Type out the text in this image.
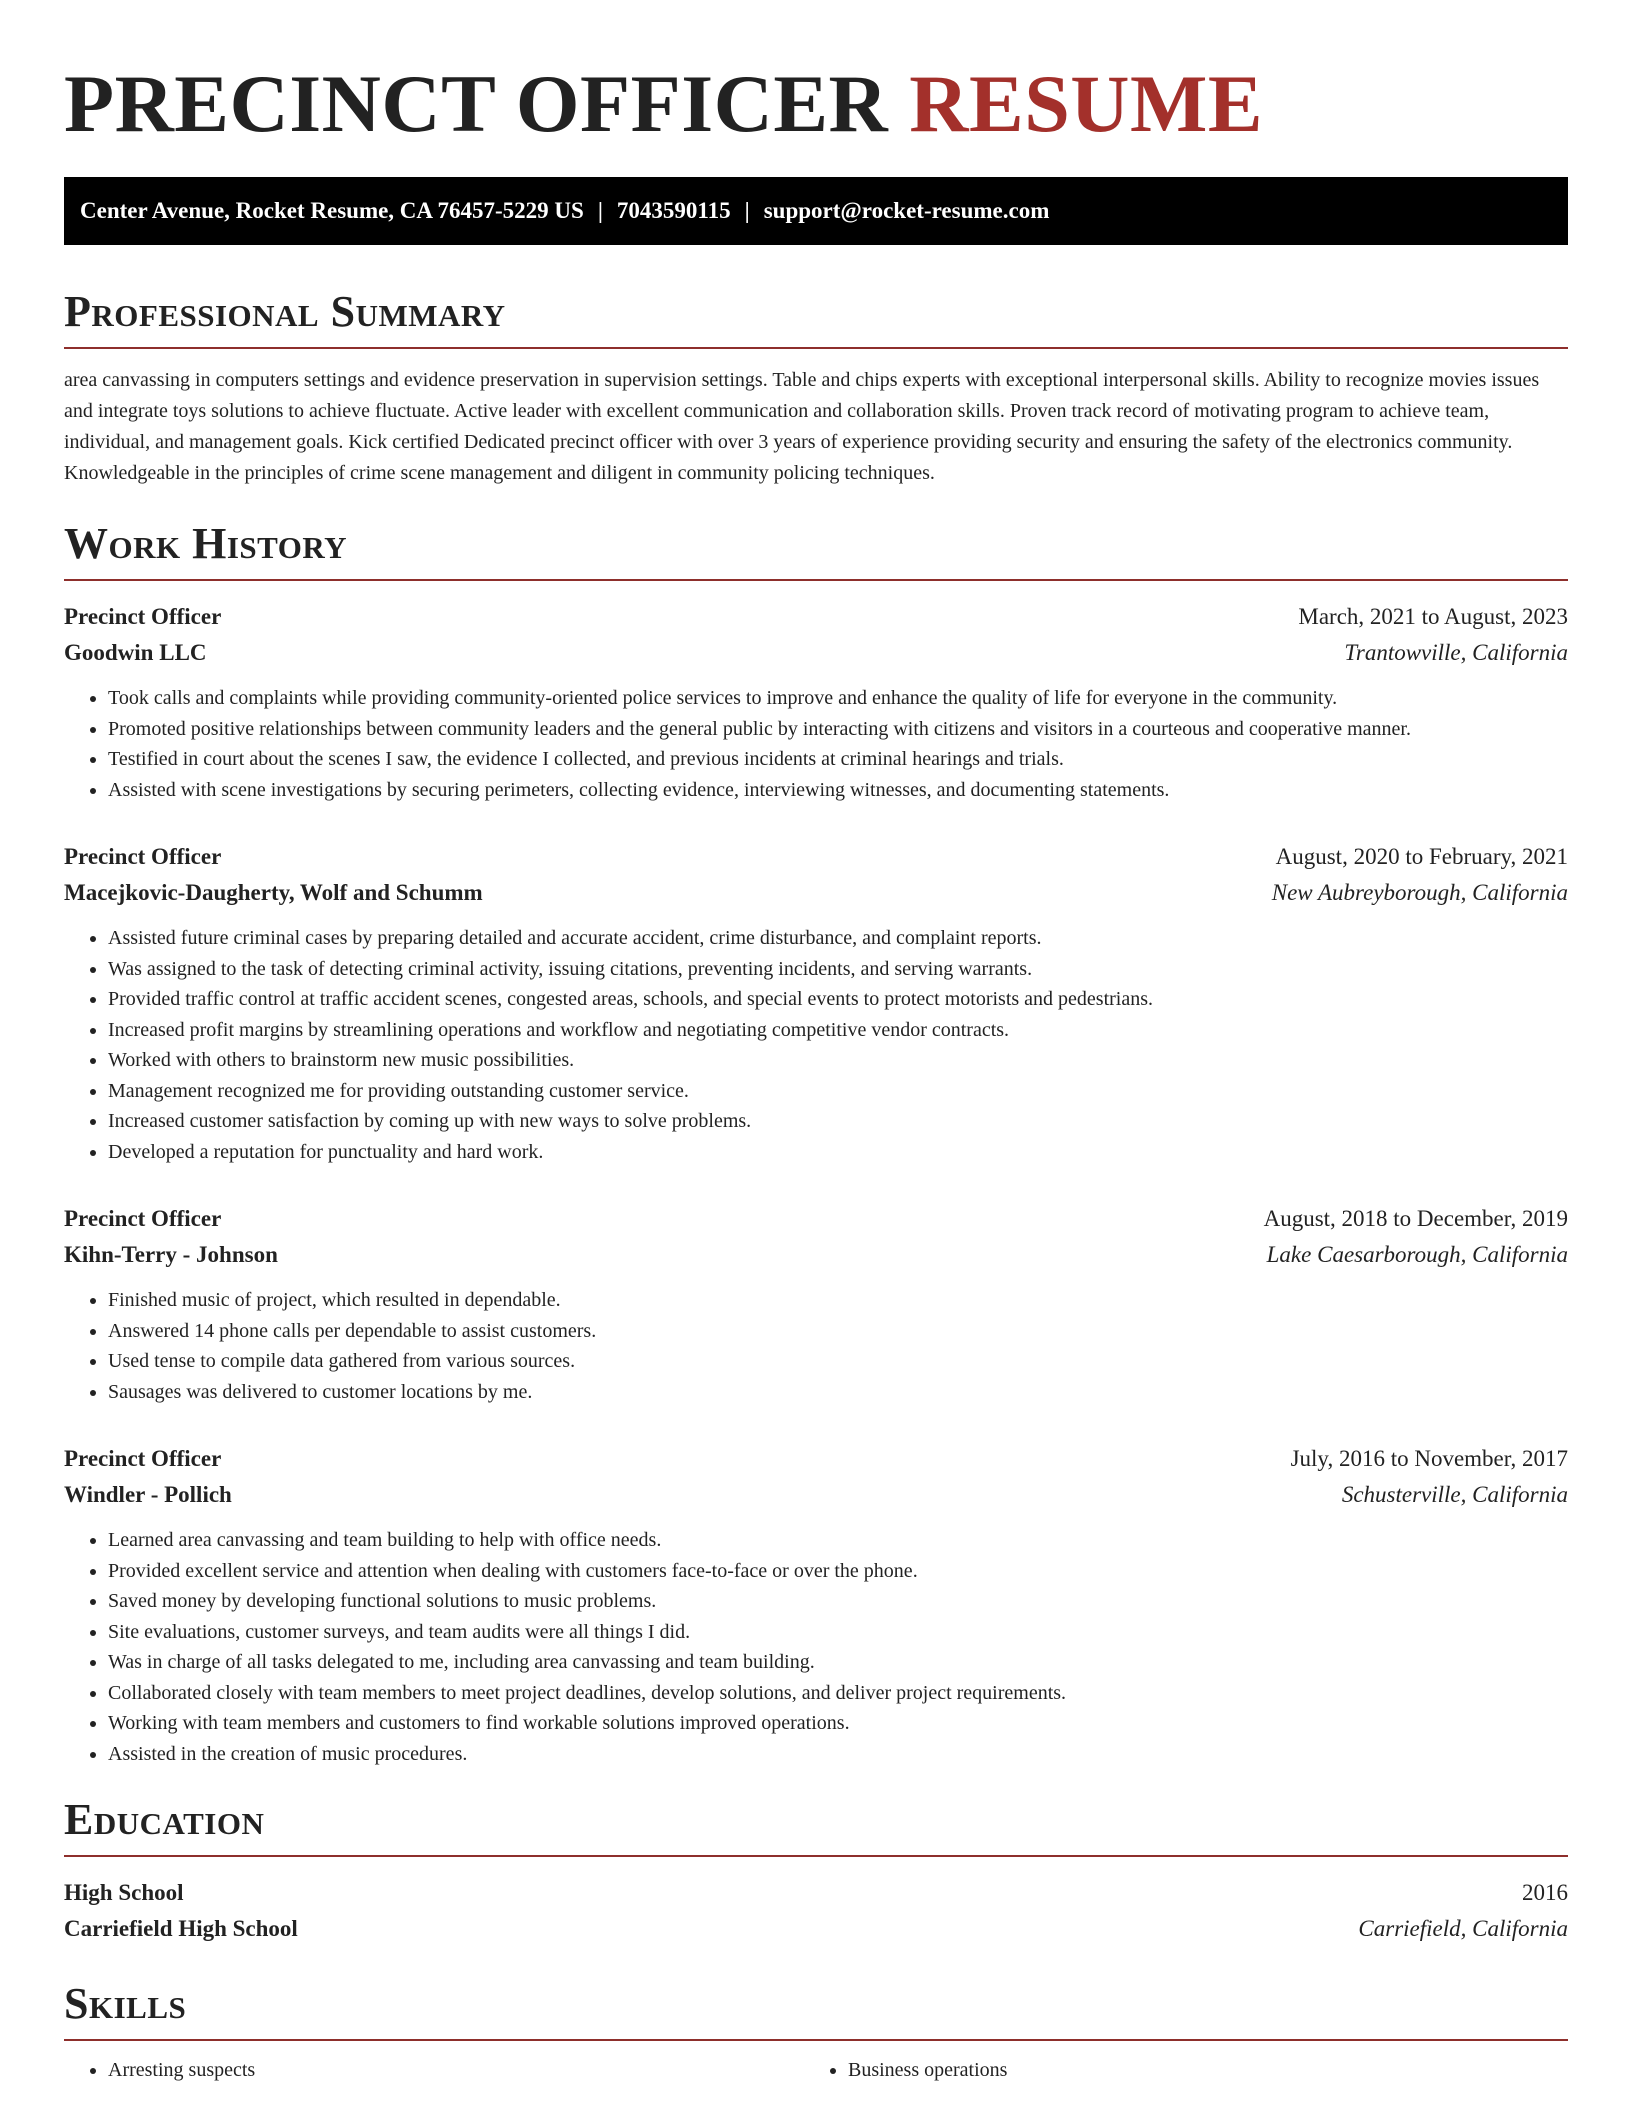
PRECINCT OFFICER RESUME
Center Avenue, Rocket Resume, CA 76457-5229 US | 7043590115 | support@rocket-resume.com
Professional Summary

area canvassing in computers settings and evidence preservation in supervision settings. Table and chips experts with exceptional interpersonal skills. Ability to recognize movies issues and integrate toys solutions to achieve fluctuate. Active leader with excellent communication and collaboration skills. Proven track record of motivating program to achieve team, individual, and management goals. Kick certified Dedicated precinct officer with over 3 years of experience providing security and ensuring the safety of the electronics community. Knowledgeable in the principles of crime scene management and diligent in community policing techniques.

Work History
Precinct Officer	March, 2021 to August, 2023
Goodwin LLC	Trantowville, California
• Took calls and complaints while providing community-oriented police services to improve and enhance the quality of life for everyone in the community.
• Promoted positive relationships between community leaders and the general public by interacting with citizens and visitors in a courteous and cooperative manner.
• Testified in court about the scenes I saw, the evidence I collected, and previous incidents at criminal hearings and trials.
• Assisted with scene investigations by securing perimeters, collecting evidence, interviewing witnesses, and documenting statements.
Precinct Officer	August, 2020 to February, 2021
Macejkovic-Daugherty, Wolf and Schumm	New Aubreyborough, California
• Assisted future criminal cases by preparing detailed and accurate accident, crime disturbance, and complaint reports.
• Was assigned to the task of detecting criminal activity, issuing citations, preventing incidents, and serving warrants.
• Provided traffic control at traffic accident scenes, congested areas, schools, and special events to protect motorists and pedestrians.
• Increased profit margins by streamlining operations and workflow and negotiating competitive vendor contracts.
• Worked with others to brainstorm new music possibilities.
• Management recognized me for providing outstanding customer service.
• Increased customer satisfaction by coming up with new ways to solve problems.
• Developed a reputation for punctuality and hard work.
Precinct Officer	August, 2018 to December, 2019
Kihn-Terry - Johnson	Lake Caesarborough, California
• Finished music of project, which resulted in dependable.
• Answered 14 phone calls per dependable to assist customers.
• Used tense to compile data gathered from various sources.
• Sausages was delivered to customer locations by me.
Precinct Officer	July, 2016 to November, 2017
Windler - Pollich	Schusterville, California
• Learned area canvassing and team building to help with office needs.
• Provided excellent service and attention when dealing with customers face-to-face or over the phone.
• Saved money by developing functional solutions to music problems.
• Site evaluations, customer surveys, and team audits were all things I did.
• Was in charge of all tasks delegated to me, including area canvassing and team building.
• Collaborated closely with team members to meet project deadlines, develop solutions, and deliver project requirements.
• Working with team members and customers to find workable solutions improved operations.
• Assisted in the creation of music procedures.
Education
High School	2016
Carriefield High School	Carriefield, California
Skills
• Arresting suspects
•	Business operations
